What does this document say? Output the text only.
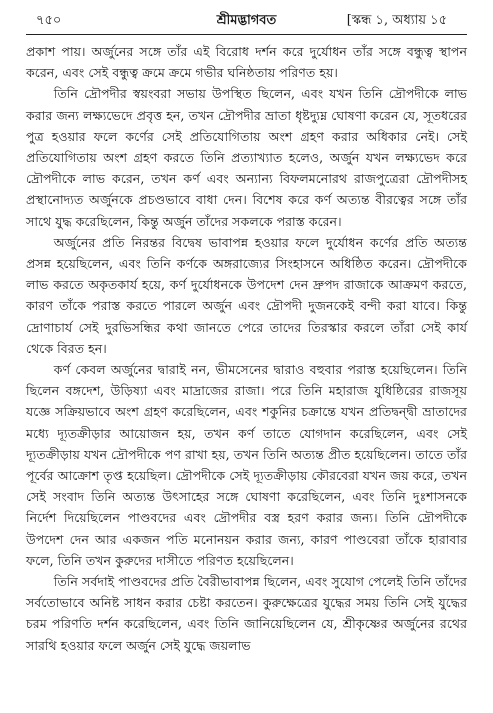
৭৫০	শ্রীমদ্ভাগবত	[স্কন্ধ ১, অধ্যায় ১৫

প্রকাশ পায়। অর্জুনের সঙ্গে তাঁর এই বিরোধ দর্শন করে দুর্যোধন তাঁর সঙ্গে বন্ধুত্ব স্থাপন করেন, এবং সেই বন্ধুত্ব ক্রমে ক্রমে গভীর ঘনিষ্ঠতায় পরিণত হয়।

তিনি দ্রৌপদীর স্বয়ংবরা সভায় উপস্থিত ছিলেন, এবং যখন তিনি দ্রৌপদীকে লাভ করার জন্য লক্ষ্যভেদে প্রবৃত্ত হন, তখন দ্রৌপদীর ভ্রাতা ধৃষ্টদ্যুম্ন ঘোষণা করেন যে, সূতধরের পুত্র হওয়ার ফলে কর্ণের সেই প্রতিযোগিতায় অংশ গ্রহণ করার অধিকার নেই। সেই প্রতিযোগিতায় অংশ গ্রহণ করতে তিনি প্রত্যাখ্যাত হলেও, অর্জুন যখন লক্ষ্যভেদ করে দ্রৌপদীকে লাভ করেন, তখন কর্ণ এবং অন্যান্য বিফলমনোরথ রাজপুত্রেরা দ্রৌপদীসহ প্রস্থানোদ্যত অর্জুনকে প্রচণ্ডভাবে বাধা দেন। বিশেষ করে কর্ণ অত্যন্ত বীরত্বের সঙ্গে তাঁর সাথে যুদ্ধ করেছিলেন, কিন্তু অর্জুন তাঁদের সকলকে পরাস্ত করেন।

অর্জুনের প্রতি নিরন্তর বিদ্বেষ ভাবাপন্ন হওয়ার ফলে দুর্যোধন কর্ণের প্রতি অত্যন্ত প্রসন্ন হয়েছিলেন, এবং তিনি কর্ণকে অঙ্গরাজ্যের সিংহাসনে অধিষ্ঠিত করেন। দ্রৌপদীকে লাভ করতে অকৃতকার্য হয়ে, কর্ণ দুর্যোধনকে উপদেশ দেন দ্রুপদ রাজাকে আক্রমণ করতে, কারণ তাঁকে পরাস্ত করতে পারলে অর্জুন এবং দ্রৌপদী দুজনকেই বন্দী করা যাবে। কিন্তু দ্রোণাচার্য সেই দুরভিসন্ধির কথা জানতে পেরে তাদের তিরস্কার করলে তাঁরা সেই কার্য থেকে বিরত হন।

কর্ণ কেবল অর্জুনের দ্বারাই নন, ভীমসেনের দ্বারাও বহুবার পরাস্ত হয়েছিলেন। তিনি ছিলেন বঙ্গদেশ, উড়িষ্যা এবং মাদ্রাজের রাজা। পরে তিনি মহারাজ যুধিষ্ঠিরের রাজসূয় যজ্ঞে সক্রিয়ভাবে অংশ গ্রহণ করেছিলেন, এবং শকুনির চক্রান্তে যখন প্রতিদ্বন্দ্বী ভ্রাতাদের মধ্যে দ্যূতক্রীড়ার আয়োজন হয়, তখন কর্ণ তাতে যোগদান করেছিলেন, এবং সেই দ্যূতক্রীড়ায় যখন দ্রৌপদীকে পণ রাখা হয়, তখন তিনি অত্যন্ত প্রীত হয়েছিলেন। তাতে তাঁর পূর্বের আক্রোশ তৃপ্ত হয়েছিল। দ্রৌপদীকে সেই দ্যূতক্রীড়ায় কৌরবেরা যখন জয় করে, তখন সেই সংবাদ তিনি অত্যন্ত উৎসাহের সঙ্গে ঘোষণা করেছিলেন, এবং তিনি দুঃশাসনকে নির্দেশ দিয়েছিলেন পাণ্ডবদের এবং দ্রৌপদীর বস্ত্র হরণ করার জন্য। তিনি দ্রৌপদীকে উপদেশ দেন আর একজন পতি মনোনয়ন করার জন্য, কারণ পাণ্ডবেরা তাঁকে হারাবার ফলে, তিনি তখন কুরুদের দাসীতে পরিণত হয়েছিলেন।

তিনি সর্বদাই পাণ্ডবদের প্রতি বৈরীভাবাপন্ন ছিলেন, এবং সুযোগ পেলেই তিনি তাঁদের সর্বতোভাবে অনিষ্ট সাধন করার চেষ্টা করতেন। কুরুক্ষেত্রের যুদ্ধের সময় তিনি সেই যুদ্ধের চরম পরিণতি দর্শন করেছিলেন, এবং তিনি জানিয়েছিলেন যে, শ্রীকৃষ্ণের অর্জুনের রথের সারথি হওয়ার ফলে অর্জুন সেই যুদ্ধে জয়লাভ
